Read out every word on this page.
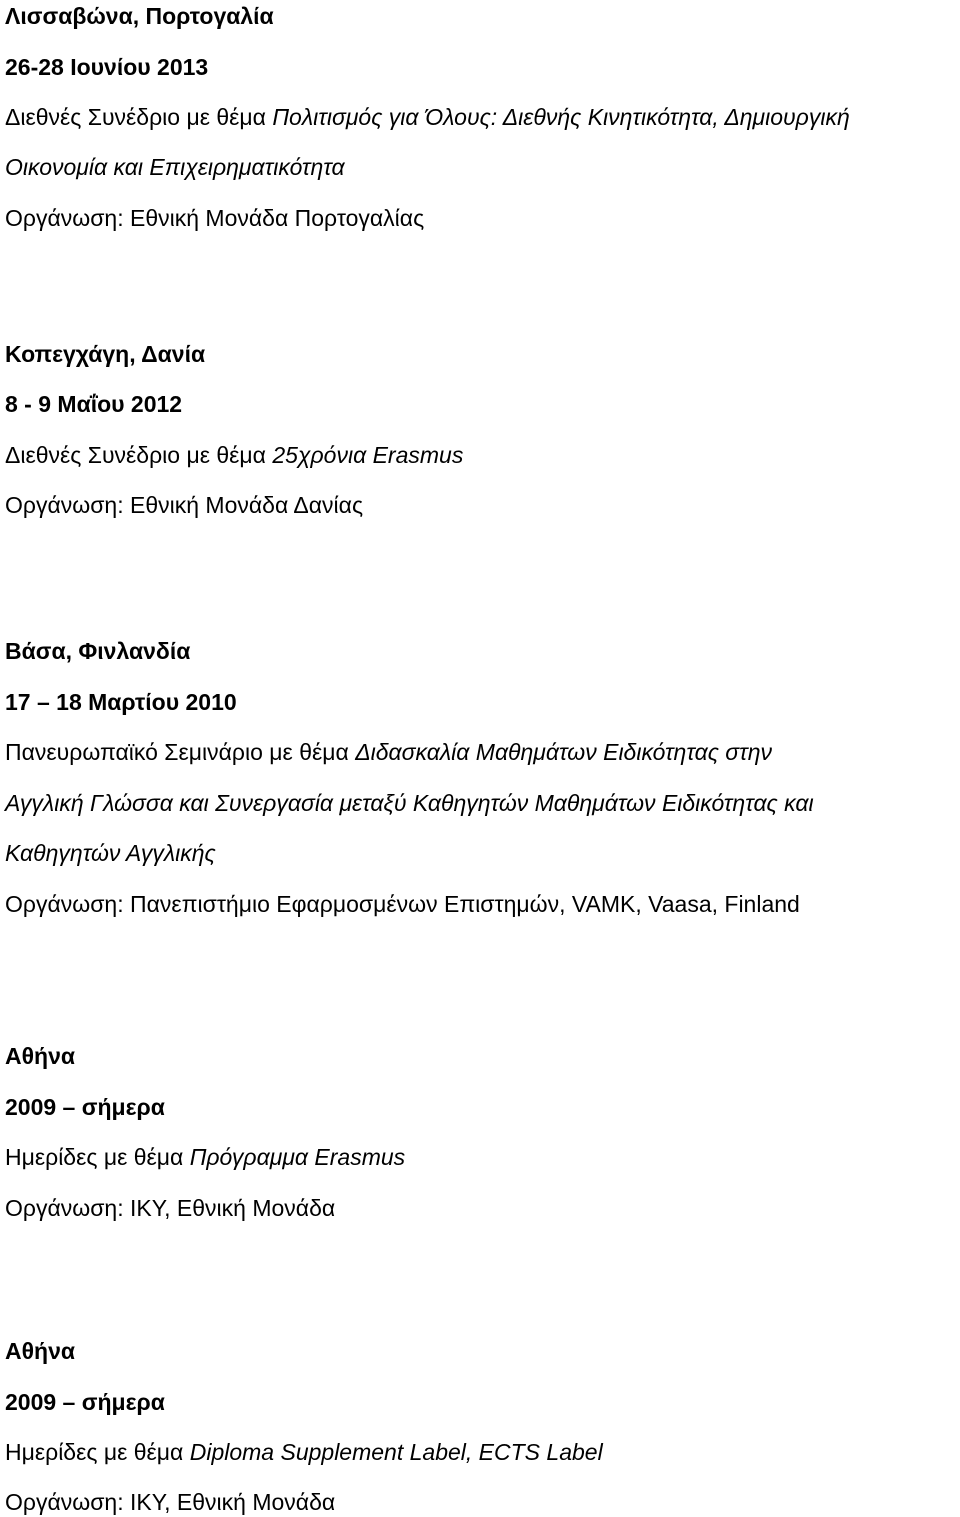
Λισσαβώνα, Πορτογαλία
26-28 Ιουνίου 2013
Διεθνές Συνέδριο με θέμα Πολιτισμός για Όλους: Διεθνής Κινητικότητα, Δημιουργική
Οικονομία και Επιχειρηματικότητα
Οργάνωση: Εθνική Μονάδα Πορτογαλίας
Κοπεγχάγη, Δανία
8 - 9 Μαΐου 2012
Διεθνές Συνέδριο με θέμα 25χρόνια Erasmus
Οργάνωση: Εθνική Μονάδα Δανίας
Βάσα, Φινλανδία
17 – 18 Μαρτίου 2010
Πανευρωπαϊκό Σεμινάριο με θέμα Διδασκαλία Μαθημάτων Ειδικότητας στην
Αγγλική Γλώσσα και Συνεργασία μεταξύ Καθηγητών Μαθημάτων Ειδικότητας και
Καθηγητών Αγγλικής
Οργάνωση: Πανεπιστήμιο Εφαρμοσμένων Επιστημών, VAMK, Vaasa, Finland
Αθήνα
2009 – σήμερα
Ημερίδες με θέμα Πρόγραμμα Erasmus
Οργάνωση: ΙΚΥ, Εθνική Μονάδα
Αθήνα
2009 – σήμερα
Ημερίδες με θέμα Diploma Supplement Label, ECTS Label
Οργάνωση: ΙΚΥ, Εθνική Μονάδα
